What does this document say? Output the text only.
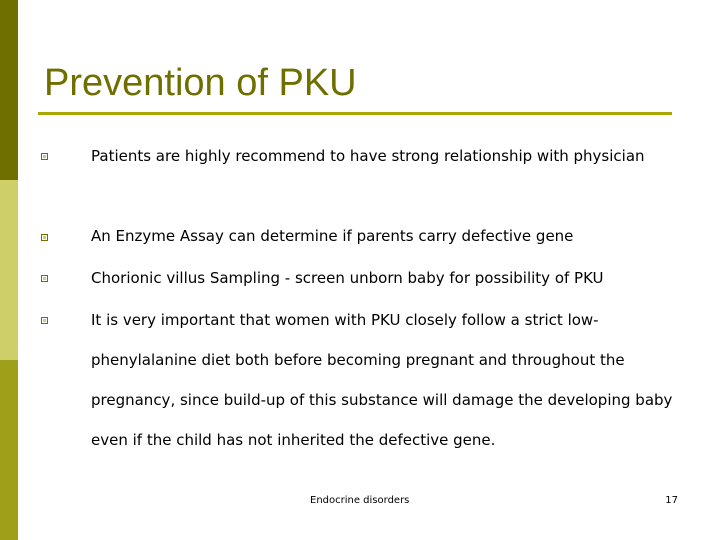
Prevention of PKU
Patients are highly recommend to have strong relationship with physician
An Enzyme Assay can determine if parents carry defective gene
Chorionic villus Sampling - screen unborn baby for possibility of PKU
It is very important that women with PKU closely follow a strict low-phenylalanine diet both before becoming pregnant and throughout the pregnancy, since build-up of this substance will damage the developing baby even if the child has not inherited the defective gene.
Endocrine disorders	17
